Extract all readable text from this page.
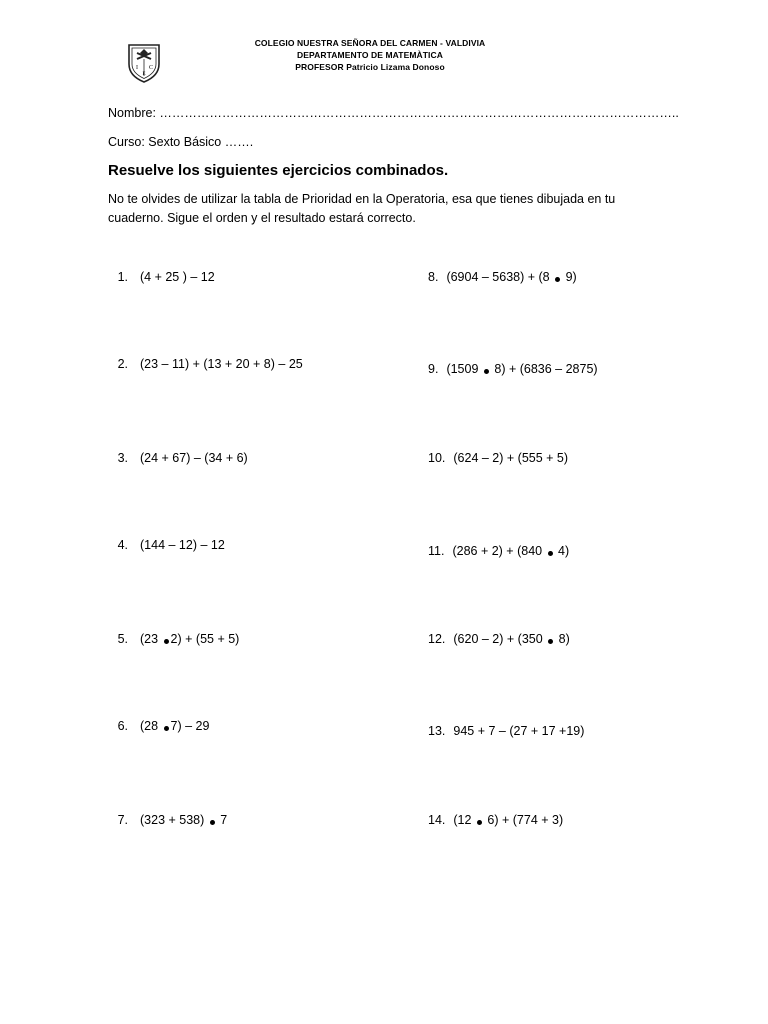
I C
E
COLEGIO NUESTRA SEÑORA DEL CARMEN - VALDIVIA
DEPARTAMENTO DE MATEMÀTICA
PROFESOR Patricio Lizama Donoso
Nombre: ……………………………………………………………………………………………………………..
Curso: Sexto Básico …….
Resuelve los siguientes ejercicios combinados.
No te olvides de utilizar la tabla de Prioridad en la Operatoria, esa que tienes dibujada en tu cuaderno. Sigue el orden y el resultado estará correcto.
1. (4 + 25 ) – 12
2. (23 – 11) + (13 + 20 + 8) – 25
3. (24 + 67) – (34 + 6)
4. (144 – 12) – 12
5. (23 2) + (55 + 5)
6. (28 7) – 29
7. (323 + 538)  7
8. (6904 – 5638) + (8  9)
9. (1509  8) + (6836 – 2875)
10. (624 – 2) + (555 + 5)
11. (286 + 2) + (840  4)
12. (620 – 2) + (350  8)
13. 945 + 7 – (27 + 17 +19)
14. (12  6) + (774 + 3)
